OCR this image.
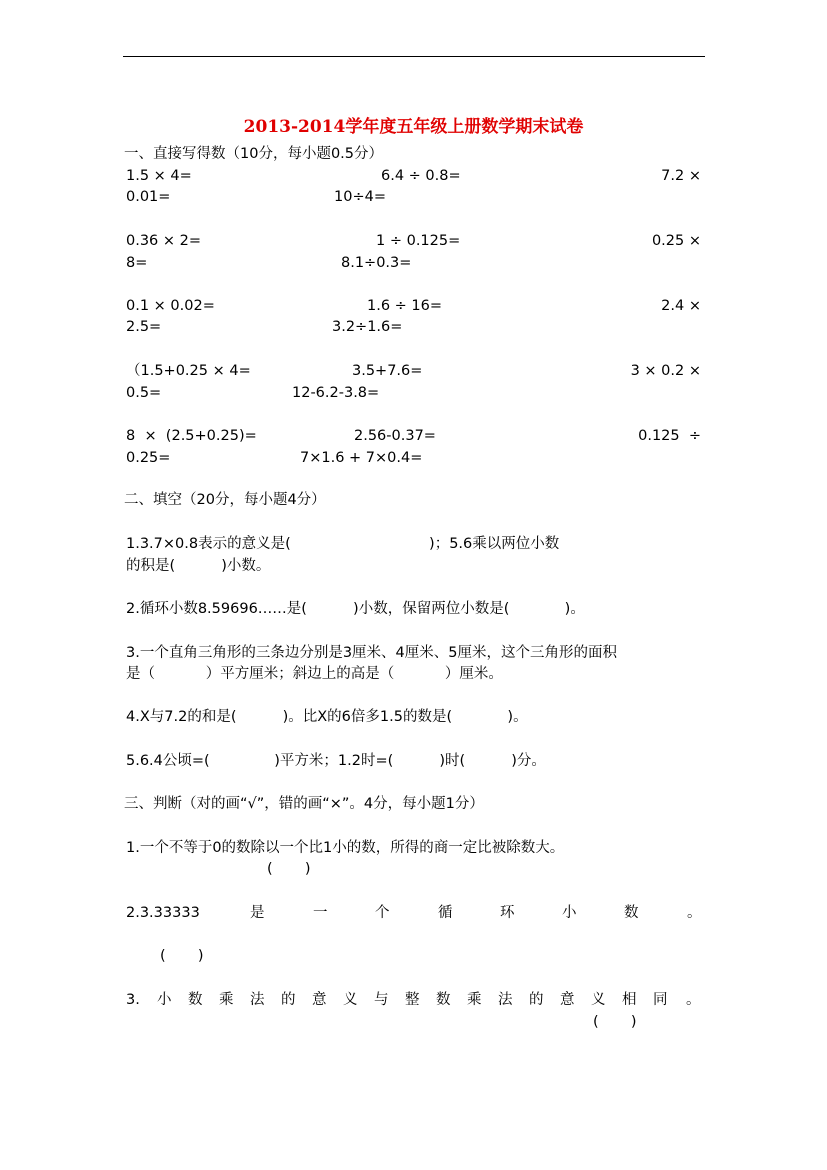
2013-2014学年度五年级上册数学期末试卷
一、直接写得数（10分，每小题0.5分）
1.5 × 4=	6.4 ÷ 0.8=	7.2 ×
0.01=	10÷4=
0.36 × 2=	1 ÷ 0.125=	0.25 ×
8=	8.1÷0.3=
0.1 × 0.02=	1.6 ÷ 16=	2.4 ×
2.5=	3.2÷1.6=
（1.5+0.25 × 4=	3.5+7.6=	3 × 0.2 ×
0.5=	12-6.2-3.8=
8  ×  (2.5+0.25)=	2.56-0.37=	0.125  ÷
0.25=	7×1.6 + 7×0.4=
二、填空（20分，每小题4分）
1.3.7×0.8表示的意义是(                              )；5.6乘以两位小数
的积是(          )小数。
2.循环小数8.59696……是(          )小数，保留两位小数是(            )。
3.一个直角三角形的三条边分别是3厘米、4厘米、5厘米，这个三角形的面积
是（           ）平方厘米；斜边上的高是（           ）厘米。
4.X与7.2的和是(          )。比X的6倍多1.5的数是(            )。
5.6.4公顷=(              )平方米；1.2时=(          )时(          )分。
三、判断（对的画“√”，错的画“×”。4分，每小题1分）
1.一个不等于0的数除以一个比1小的数，所得的商一定比被除数大。
(       )
2.3.33333	是	一	个	循	环	小	数	。
(       )
3. 小 数 乘 法 的 意 义 与 整 数 乘 法 的 意 义 相 同 。
(       )
